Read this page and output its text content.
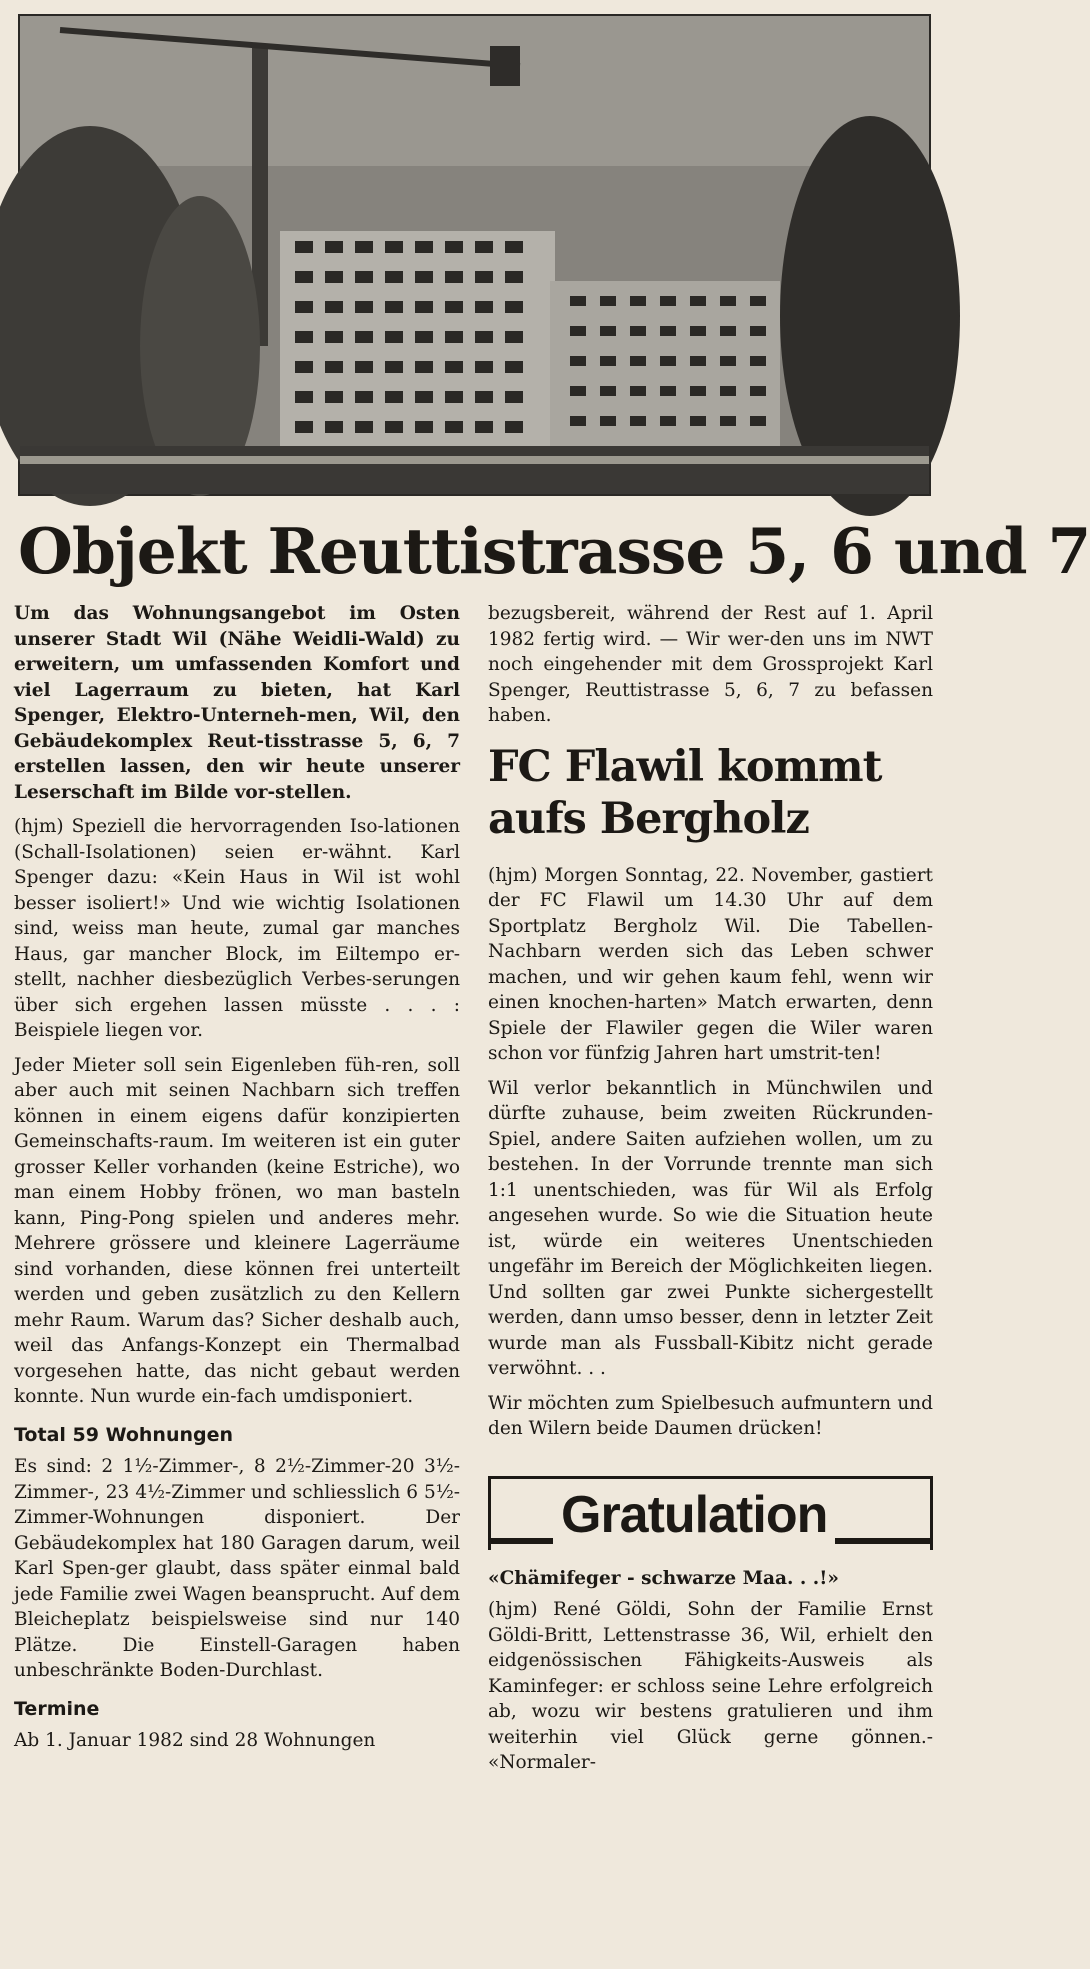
Objekt Reuttistrasse 5, 6 und 7

Um das Wohnungsangebot im Osten unserer Stadt Wil (Nähe Weidli-Wald) zu erweitern, um umfassenden Komfort und viel Lagerraum zu bieten, hat Karl Spenger, Elektro-Unterneh-men, Wil, den Gebäudekomplex Reut-tisstrasse 5, 6, 7 erstellen lassen, den wir heute unserer Leserschaft im Bilde vor-stellen.

(hjm) Speziell die hervorragenden Iso-lationen (Schall-Isolationen) seien er-wähnt. Karl Spenger dazu: «Kein Haus in Wil ist wohl besser isoliert!» Und wie wichtig Isolationen sind, weiss man heute, zumal gar manches Haus, gar mancher Block, im Eiltempo er-stellt, nachher diesbezüglich Verbes-serungen über sich ergehen lassen müsste . . . : Beispiele liegen vor.

Jeder Mieter soll sein Eigenleben füh-ren, soll aber auch mit seinen Nachbarn sich treffen können in einem eigens dafür konzipierten Gemeinschafts-raum. Im weiteren ist ein guter grosser Keller vorhanden (keine Estriche), wo man einem Hobby frönen, wo man basteln kann, Ping-Pong spielen und anderes mehr. Mehrere grössere und kleinere Lagerräume sind vorhanden, diese können frei unterteilt werden und geben zusätzlich zu den Kellern mehr Raum. Warum das? Sicher deshalb auch, weil das Anfangs-Konzept ein Thermalbad vorgesehen hatte, das nicht gebaut werden konnte. Nun wurde ein-fach umdisponiert.

Total 59 Wohnungen

Es sind: 2 1½-Zimmer-, 8 2½-Zimmer-20 3½-Zimmer-, 23 4½-Zimmer und schliesslich 6 5½-Zimmer-Wohnungen disponiert. Der Gebäudekomplex hat 180 Garagen darum, weil Karl Spen-ger glaubt, dass später einmal bald jede Familie zwei Wagen beansprucht. Auf dem Bleicheplatz beispielsweise sind nur 140 Plätze. Die Einstell-Garagen haben unbeschränkte Boden-Durchlast.

Termine

Ab 1. Januar 1982 sind 28 Wohnungen

bezugsbereit, während der Rest auf 1. April 1982 fertig wird. — Wir wer-den uns im NWT noch eingehender mit dem Grossprojekt Karl Spenger, Reuttistrasse 5, 6, 7 zu befassen haben.

FC Flawil kommt aufs Bergholz

(hjm) Morgen Sonntag, 22. November, gastiert der FC Flawil um 14.30 Uhr auf dem Sportplatz Bergholz Wil. Die Tabellen-Nachbarn werden sich das Leben schwer machen, und wir gehen kaum fehl, wenn wir einen knochen-harten» Match erwarten, denn Spiele der Flawiler gegen die Wiler waren schon vor fünfzig Jahren hart umstrit-ten!

Wil verlor bekanntlich in Münchwilen und dürfte zuhause, beim zweiten Rückrunden-Spiel, andere Saiten aufziehen wollen, um zu bestehen. In der Vorrunde trennte man sich 1:1 unentschieden, was für Wil als Erfolg angesehen wurde. So wie die Situation heute ist, würde ein weiteres Unentschieden ungefähr im Bereich der Möglichkeiten liegen. Und sollten gar zwei Punkte sichergestellt werden, dann umso besser, denn in letzter Zeit wurde man als Fussball-Kibitz nicht gerade verwöhnt. . .

Wir möchten zum Spielbesuch aufmuntern und den Wilern beide Daumen drücken!

Gratulation

«Chämifeger - schwarze Maa. . .!»

(hjm) René Göldi, Sohn der Familie Ernst Göldi-Britt, Lettenstrasse 36, Wil, erhielt den eidgenössischen Fähigkeits-Ausweis als Kaminfeger: er schloss seine Lehre erfolgreich ab, wozu wir bestens gratulieren und ihm weiterhin viel Glück gerne gönnen.- «Normaler-
